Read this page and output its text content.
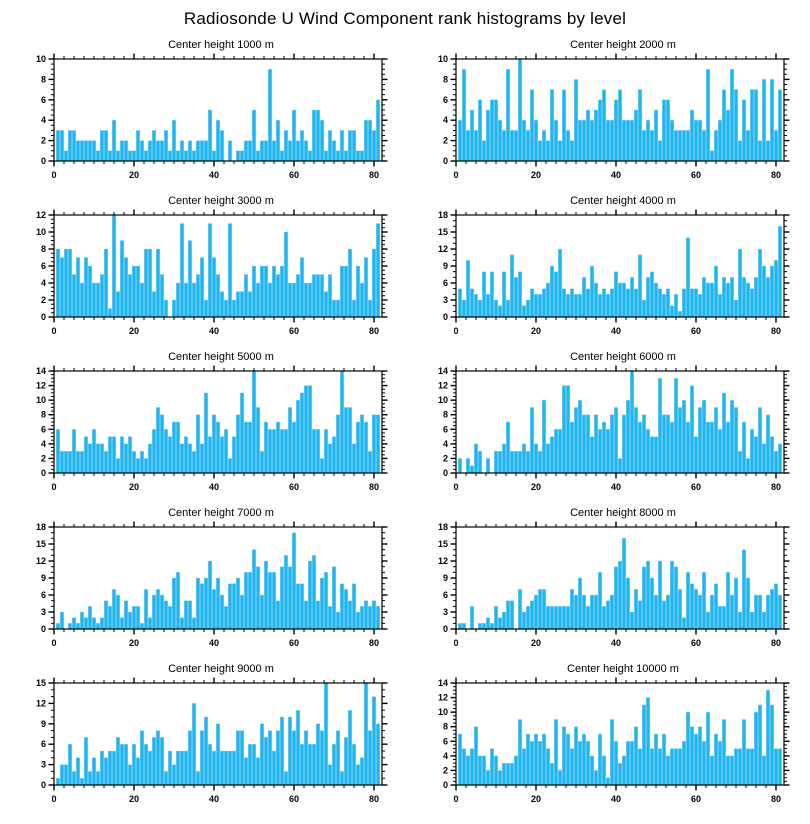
Radiosonde U Wind Component rank histograms by level
Center height 1000 m
0	20	40	60	80
0
2
4
6
8
10
Center height 2000 m
0	20	40	60	80
0
2
4
6
8
10
Center height 3000 m
0	20	40	60	80
0
2
4
6
8
10
12
Center height 4000 m
0	20	40	60	80
0
3
6
9
12
15
18
Center height 5000 m
0	20	40	60	80
0
2
4
6
8
10
12
14
Center height 6000 m
0	20	40	60	80
0
2
4
6
8
10
12
14
Center height 7000 m
0	20	40	60	80
0
3
6
9
12
15
18
Center height 8000 m
0	20	40	60	80
0
3
6
9
12
15
18
Center height 9000 m
0	20	40	60	80
0
3
6
9
12
15
Center height 10000 m
0	20	40	60	80
0
2
4
6
8
10
12
14
